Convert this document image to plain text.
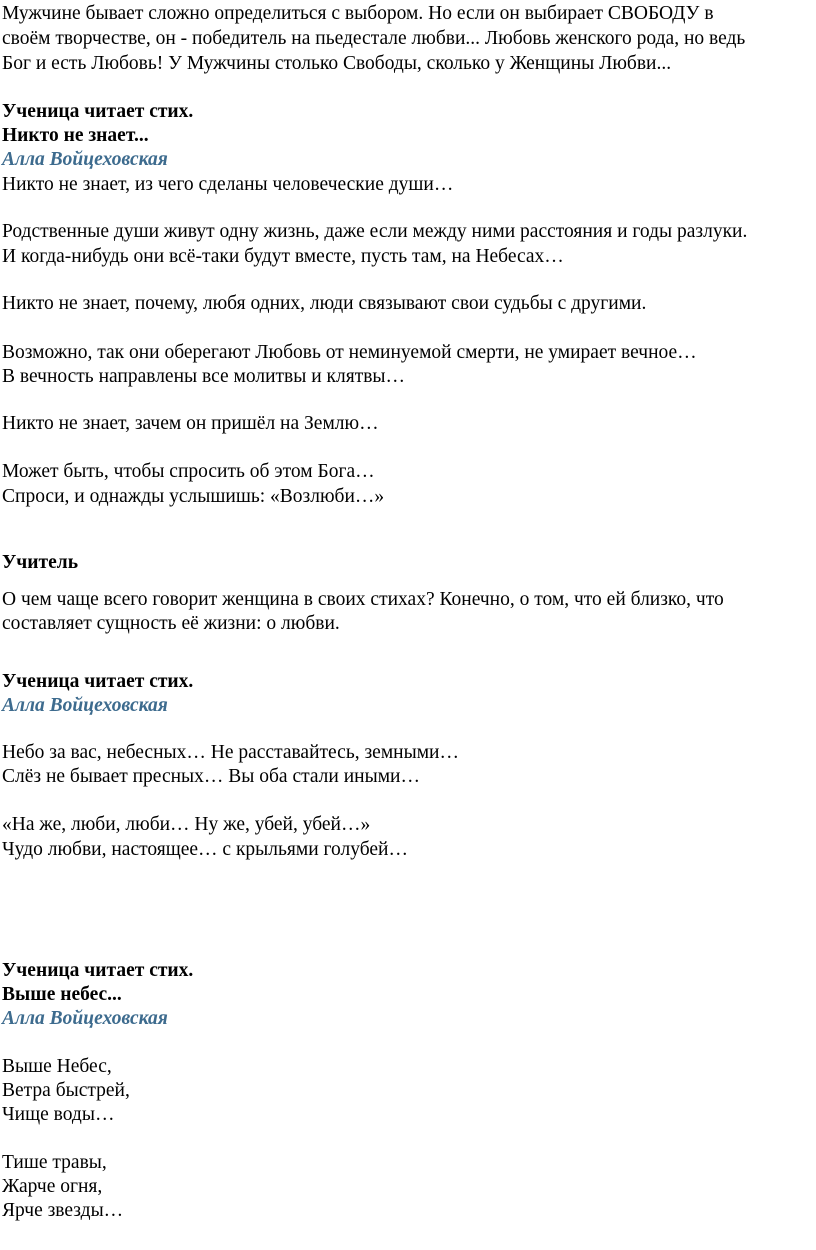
Мужчине бывает сложно определиться с выбором. Но если он выбирает СВОБОДУ в
своём творчестве, он - победитель на пьедестале любви... Любовь женского рода, но ведь
Бог и есть Любовь! У Мужчины столько Свободы, сколько у Женщины Любви...
Ученица читает стих.
Никто не знает...
Алла Войцеховская
Никто не знает, из чего сделаны человеческие души…
Родственные души живут одну жизнь, даже если между ними расстояния и годы разлуки.
И когда-нибудь они всё-таки будут вместе, пусть там, на Небесах…
Никто не знает, почему, любя одних, люди связывают свои судьбы с другими.
Возможно, так они оберегают Любовь от неминуемой смерти, не умирает вечное…
В вечность направлены все молитвы и клятвы…
Никто не знает, зачем он пришёл на Землю…
Может быть, чтобы спросить об этом Бога…
Спроси, и однажды услышишь: «Возлюби…»
Учитель
О чем чаще всего говорит женщина в своих стихах? Конечно, о том, что ей близко, что
составляет сущность её жизни: о любви.
Ученица читает стих.
Алла Войцеховская
Небо за вас, небесных… Не расставайтесь, земными…
Слёз не бывает пресных… Вы оба стали иными…
«На же, люби, люби… Ну же, убей, убей…»
Чудо любви, настоящее… с крыльями голубей…
Ученица читает стих.
Выше небес...
Алла Войцеховская
Выше Небес,
Ветра быстрей,
Чище воды…
Тише травы,
Жарче огня,
Ярче звезды…
